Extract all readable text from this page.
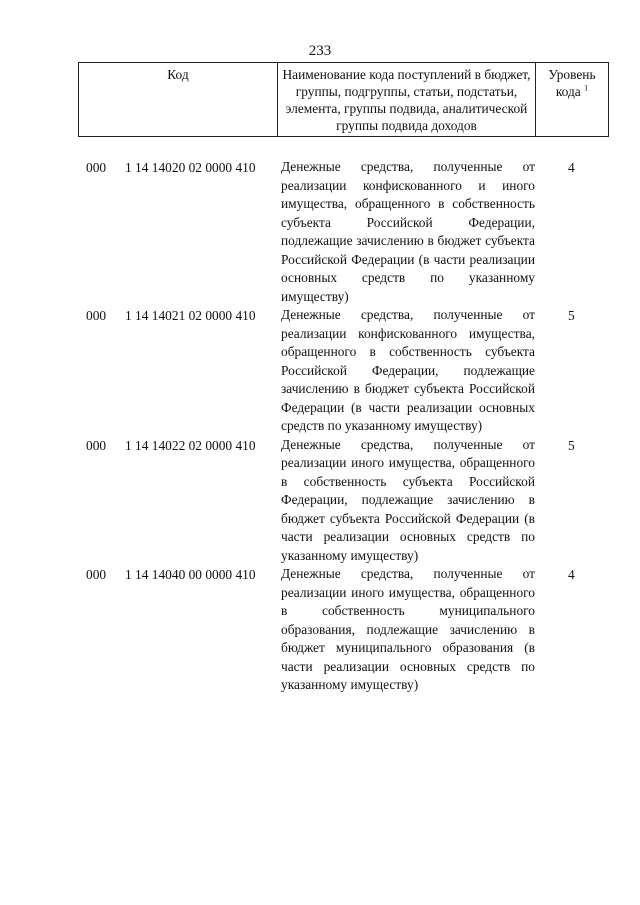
233
Код	Наименование кода поступлений в бюджет, группы, подгруппы, статьи, подстатьи, элемента, группы подвида, аналитической группы подвида доходов
Уровень кода $^1$
000 1 14 14020 02 0000 410 Денежные средства, полученные от реализации конфискованного и иного имущества, обращенного в собственность субъекта Российской Федерации, подлежащие зачислению в бюджет субъекта Российской Федерации (в части реализации основных средств по указанному имуществу)
4
000 1 14 14021 02 0000 410 Денежные средства, полученные от реализации конфискованного имущества, обращенного в собственность субъекта Российской Федерации, подлежащие зачислению в бюджет субъекта Российской Федерации (в части реализации основных средств по указанному имуществу)
5
000 1 14 14022 02 0000 410 Денежные средства, полученные от реализации иного имущества, обращенного в собственность субъекта Российской Федерации, подлежащие зачислению в бюджет субъекта Российской Федерации (в части реализации основных средств по указанному имуществу)
5
000 1 14 14040 00 0000 410 Денежные средства, полученные от реализации иного имущества, обращенного в собственность муниципального образования, подлежащие зачислению в бюджет муниципального образования (в части реализации основных средств по указанному имуществу)
4
